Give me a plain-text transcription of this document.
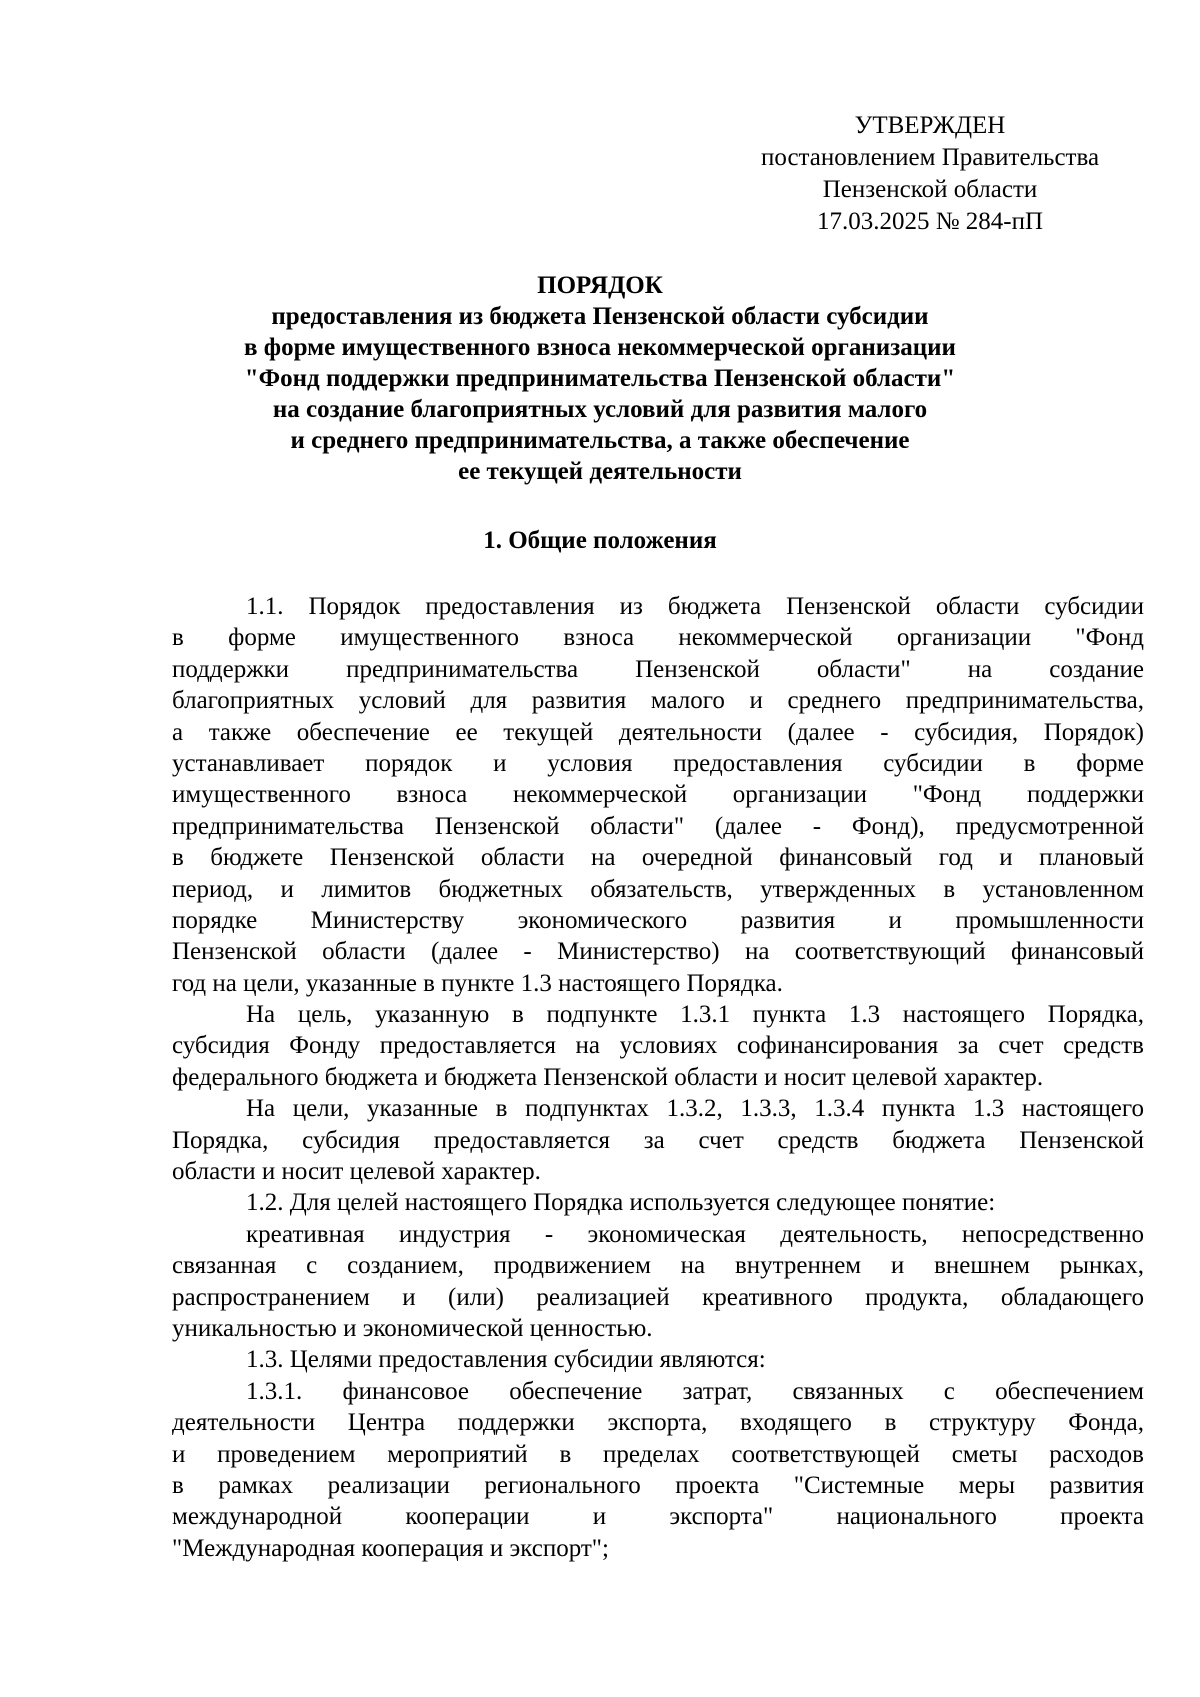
УТВЕРЖДЕН
постановлением Правительства
Пензенской области
17.03.2025 № 284-пП
ПОРЯДОК
предоставления из бюджета Пензенской области субсидии
в форме имущественного взноса некоммерческой организации
"Фонд поддержки предпринимательства Пензенской области"
на создание благоприятных условий для развития малого
и среднего предпринимательства, а также обеспечение
ее текущей деятельности
1. Общие положения
1.1. Порядок предоставления из бюджета Пензенской области субсидии
в форме имущественного взноса некоммерческой организации "Фонд
поддержки предпринимательства Пензенской области" на создание
благоприятных условий для развития малого и среднего предпринимательства,
а также обеспечение ее текущей деятельности (далее - субсидия, Порядок)
устанавливает порядок и условия предоставления субсидии в форме
имущественного взноса некоммерческой организации "Фонд поддержки
предпринимательства Пензенской области" (далее - Фонд), предусмотренной
в бюджете Пензенской области на очередной финансовый год и плановый
период, и лимитов бюджетных обязательств, утвержденных в установленном
порядке Министерству экономического развития и промышленности
Пензенской области (далее - Министерство) на соответствующий финансовый
год на цели, указанные в пункте 1.3 настоящего Порядка.
На цель, указанную в подпункте 1.3.1 пункта 1.3 настоящего Порядка,
субсидия Фонду предоставляется на условиях софинансирования за счет средств
федерального бюджета и бюджета Пензенской области и носит целевой характер.
На цели, указанные в подпунктах 1.3.2, 1.3.3, 1.3.4 пункта 1.3 настоящего
Порядка, субсидия предоставляется за счет средств бюджета Пензенской
области и носит целевой характер.
1.2. Для целей настоящего Порядка используется следующее понятие:
креативная индустрия - экономическая деятельность, непосредственно
связанная с созданием, продвижением на внутреннем и внешнем рынках,
распространением и (или) реализацией креативного продукта, обладающего
уникальностью и экономической ценностью.
1.3. Целями предоставления субсидии являются:
1.3.1. финансовое обеспечение затрат, связанных с обеспечением
деятельности Центра поддержки экспорта, входящего в структуру Фонда,
и проведением мероприятий в пределах соответствующей сметы расходов
в рамках реализации регионального проекта "Системные меры развития
международной кооперации и экспорта" национального проекта
"Международная кооперация и экспорт";
